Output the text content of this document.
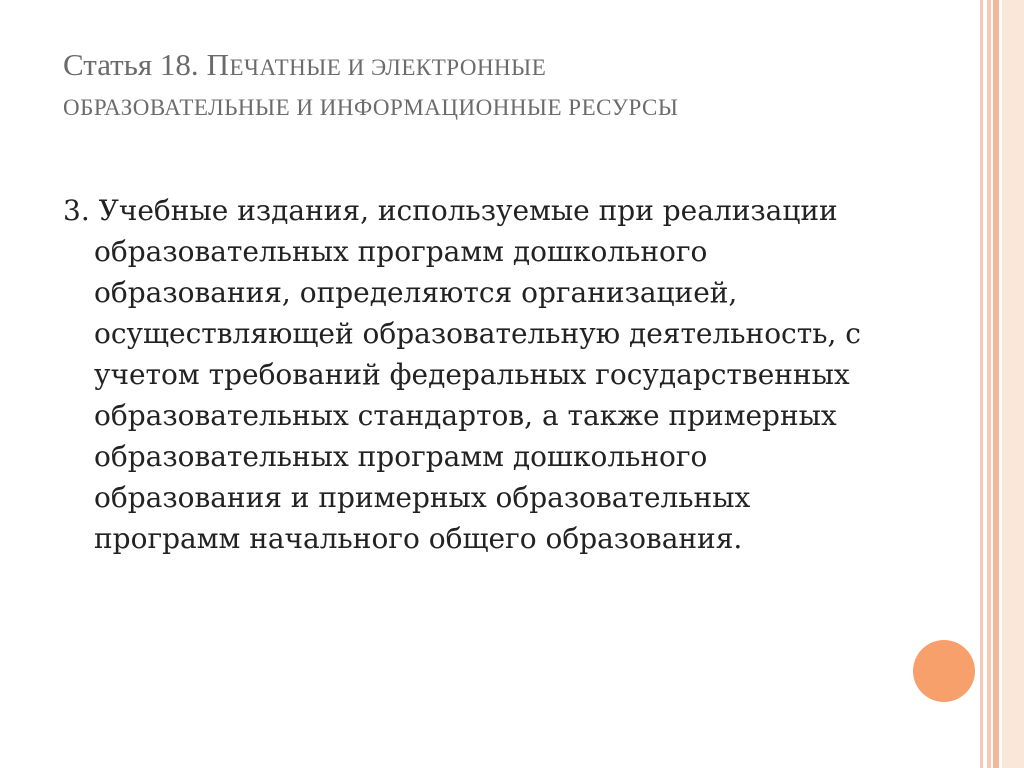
Статья 18. ПЕЧАТНЫЕ И ЭЛЕКТРОННЫЕ
ОБРАЗОВАТЕЛЬНЫЕ И ИНФОРМАЦИОННЫЕ РЕСУРСЫ

3. Учебные издания, используемые при реализации образовательных программ дошкольного образования, определяются организацией, осуществляющей образовательную деятельность, с учетом требований федеральных государственных образовательных стандартов, а также примерных образовательных программ дошкольного образования и примерных образовательных программ начального общего образования.
